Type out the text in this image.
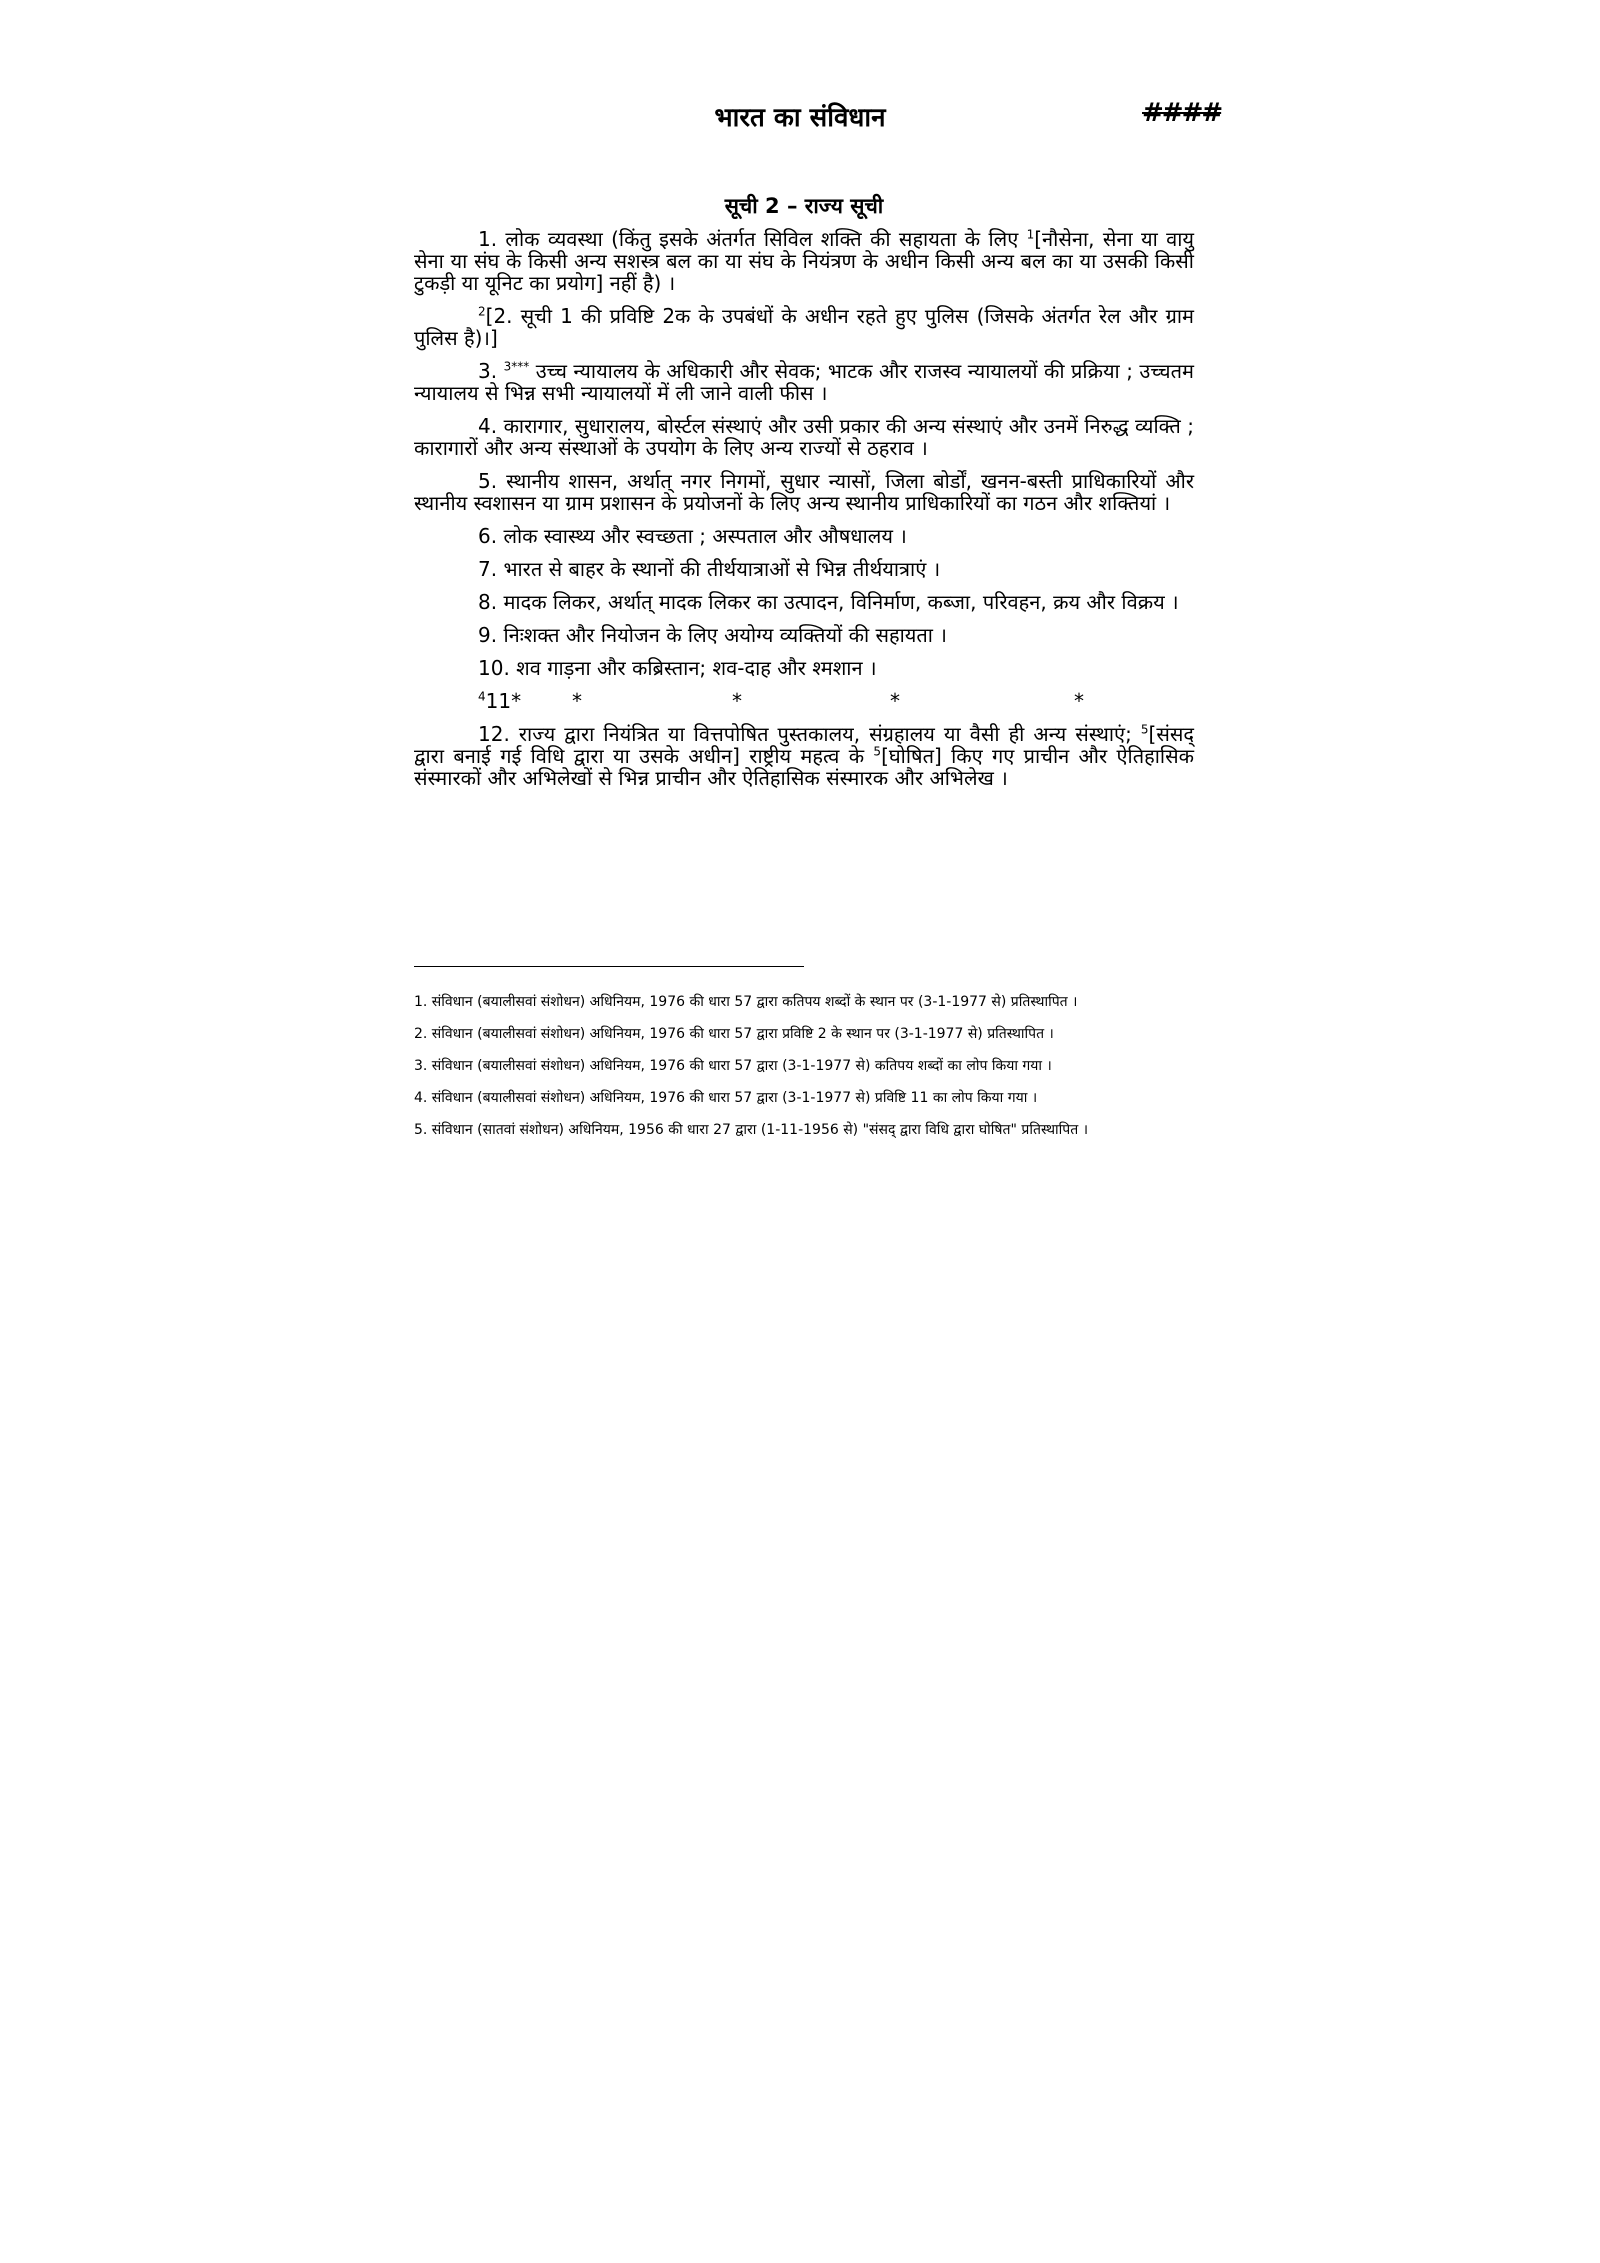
भारत का संविधान	####
सूची 2 – राज्य सूची

1. लोक व्यवस्था (किंतु इसके अंतर्गत सिविल शक्ति की सहायता के लिए $^1$[नौसेना, सेना या वायु सेना या संघ के किसी अन्य सशस्त्र बल का या संघ के नियंत्रण के अधीन किसी अन्य बल का या उसकी किसी टुकड़ी या यूनिट का प्रयोग] नहीं है) ।

$^2$[2. सूची 1 की प्रविष्टि 2क के उपबंधों के अधीन रहते हुए पुलिस (जिसके अंतर्गत रेल और ग्राम पुलिस है)।]

3. $^{3***}$ उच्च न्यायालय के अधिकारी और सेवक; भाटक और राजस्व न्यायालयों की प्रक्रिया ; उच्चतम न्यायालय से भिन्न सभी न्यायालयों में ली जाने वाली फीस ।

4. कारागार, सुधारालय, बोर्स्टल संस्थाएं और उसी प्रकार की अन्य संस्थाएं और उनमें निरुद्ध व्यक्ति ; कारागारों और अन्य संस्थाओं के उपयोग के लिए अन्य राज्यों से ठहराव ।

5. स्थानीय शासन, अर्थात् नगर निगमों, सुधार न्यासों, जिला बोर्डों, खनन-बस्ती प्राधिकारियों और स्थानीय स्वशासन या ग्राम प्रशासन के प्रयोजनों के लिए अन्य स्थानीय प्राधिकारियों का गठन और शक्तियां ।

6. लोक स्वास्थ्य और स्वच्छता ; अस्पताल और औषधालय ।

7. भारत से बाहर के स्थानों की तीर्थयात्राओं से भिन्न तीर्थयात्राएं ।

8. मादक लिकर, अर्थात् मादक लिकर का उत्पादन, विनिर्माण, कब्जा, परिवहन, क्रय और विक्रय ।

9. निःशक्त और नियोजन के लिए अयोग्य व्यक्तियों की सहायता ।

10. शव गाड़ना और कब्रिस्तान; शव-दाह और श्मशान ।

$^4$11*	*	*	*	*

12. राज्य द्वारा नियंत्रित या वित्तपोषित पुस्तकालय, संग्रहालय या वैसी ही अन्य संस्थाएं; $^5$[संसद् द्वारा बनाई गई विधि द्वारा या उसके अधीन] राष्ट्रीय महत्व के $^5$[घोषित] किए गए प्राचीन और ऐतिहासिक संस्मारकों और अभिलेखों से भिन्न प्राचीन और ऐतिहासिक संस्मारक और अभिलेख ।

1. संविधान (बयालीसवां संशोधन) अधिनियम, 1976 की धारा 57 द्वारा कतिपय शब्दों के स्थान पर (3-1-1977 से) प्रतिस्थापित ।

2. संविधान (बयालीसवां संशोधन) अधिनियम, 1976 की धारा 57 द्वारा प्रविष्टि 2 के स्थान पर (3-1-1977 से) प्रतिस्थापित ।

3. संविधान (बयालीसवां संशोधन) अधिनियम, 1976 की धारा 57 द्वारा (3-1-1977 से) कतिपय शब्दों का लोप किया गया ।

4. संविधान (बयालीसवां संशोधन) अधिनियम, 1976 की धारा 57 द्वारा (3-1-1977 से) प्रविष्टि 11 का लोप किया गया ।

5. संविधान (सातवां संशोधन) अधिनियम, 1956 की धारा 27 द्वारा (1-11-1956 से) "संसद् द्वारा विधि द्वारा घोषित" प्रतिस्थापित ।
